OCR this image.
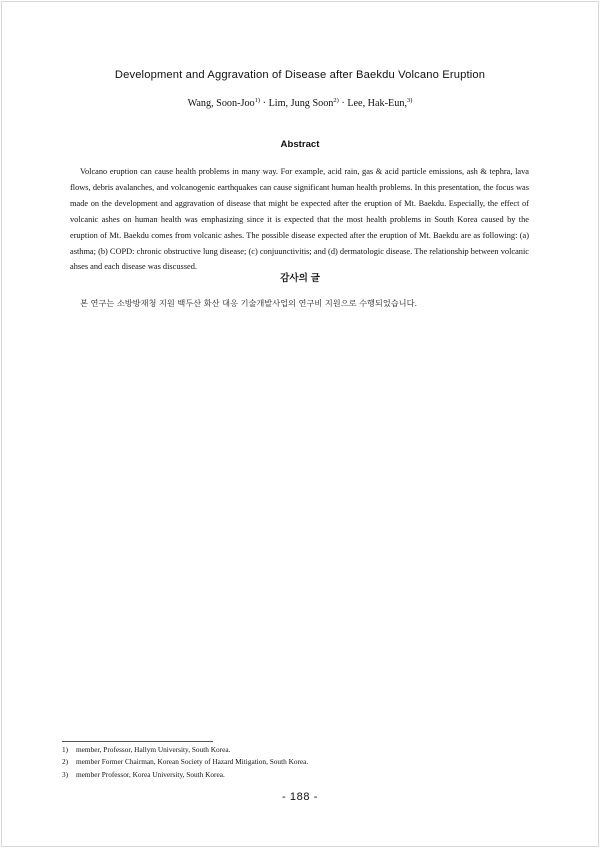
Development and Aggravation of Disease after Baekdu Volcano Eruption
Wang, Soon-Joo$^{1)}$ · Lim, Jung Soon$^{2)}$ · Lee, Hak-Eun,$^{3)}$
Abstract

Volcano eruption can cause health problems in many way. For example, acid rain, gas & acid particle emissions, ash & tephra, lava flows, debris avalanches, and volcanogenic earthquakes can cause significant human health problems. In this presentation, the focus was made on the development and aggravation of disease that might be expected after the eruption of Mt. Baekdu. Especially, the effect of volcanic ashes on human health was emphasizing since it is expected that the most health problems in South Korea caused by the eruption of Mt. Baekdu comes from volcanic ashes. The possible disease expected after the eruption of Mt. Baekdu are as following: (a) asthma; (b) COPD: chronic obstructive lung disease; (c) conjuunctivitis; and (d) dermatologic disease. The relationship between volcanic ahses and each disease was discussed.

감사의 글
본 연구는 소방방재청 지원 백두산 화산 대응 기술개발사업의 연구비 지원으로 수행되었습니다.
1) member, Professor, Hallym University, South Korea.
2) member Former Chairman, Korean Society of Hazard Mitigation, South Korea.
3) member Professor, Korea University, South Korea.
- 188 -
